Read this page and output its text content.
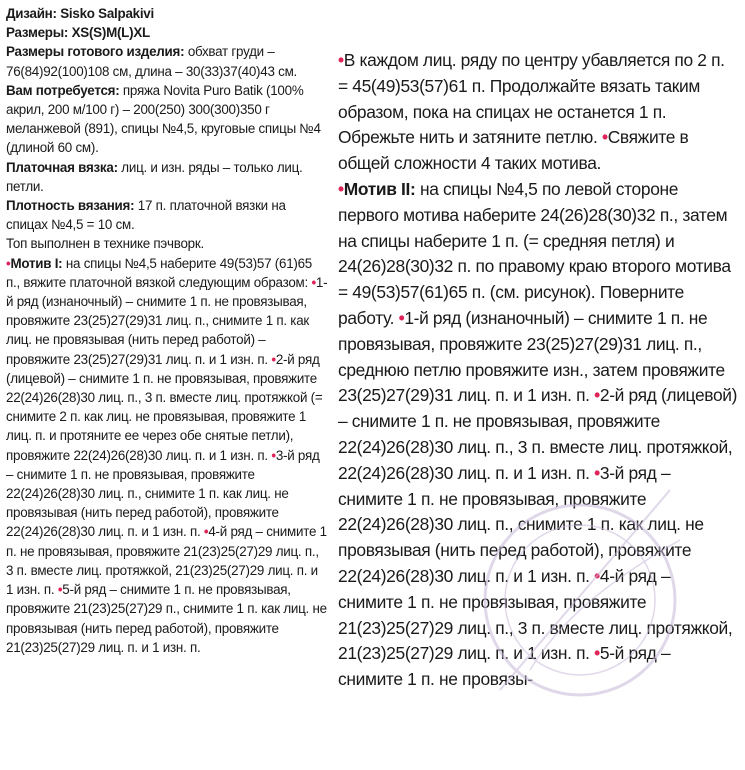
Дизайн: Sisko Salpakivi

Размеры: XS(S)M(L)XL

Размеры готового изделия: обхват груди – 76(84)92(100)108 см, длина – 30(33)37(40)43 см.

Вам потребуется: пряжа Novita Puro Batik (100% акрил, 200 м/100 г) – 200(250) 300(300)350 г меланжевой (891), спицы №4,5, круговые спицы №4 (длиной 60 см).

Платочная вязка: лиц. и изн. ряды – только лиц. петли.

Плотность вязания: 17 п. платочной вязки на спицах №4,5 = 10 см.

Топ выполнен в технике пэчворк.

•Мотив I: на спицы №4,5 наберите 49(53)57 (61)65 п., вяжите платочной вязкой следующим образом: •1-й ряд (изнаночный) – снимите 1 п. не провязывая, провяжите 23(25)27(29)31 лиц. п., снимите 1 п. как лиц. не провязывая (нить перед работой) – провяжите 23(25)27(29)31 лиц. п. и 1 изн. п. •2-й ряд (лицевой) – снимите 1 п. не провязывая, провяжите 22(24)26(28)30 лиц. п., 3 п. вместе лиц. протяжкой (= снимите 2 п. как лиц. не провязывая, провяжите 1 лиц. п. и протяните ее через обе снятые петли), провяжите 22(24)26(28)30 лиц. п. и 1 изн. п. •3-й ряд – снимите 1 п. не провязывая, провяжите 22(24)26(28)30 лиц. п., снимите 1 п. как лиц. не провязывая (нить перед работой), провяжите 22(24)26(28)30 лиц. п. и 1 изн. п. •4-й ряд – снимите 1 п. не провязывая, провяжите 21(23)25(27)29 лиц. п., 3 п. вместе лиц. протяжкой, 21(23)25(27)29 лиц. п. и 1 изн. п. •5-й ряд – снимите 1 п. не провязывая, провяжите 21(23)25(27)29 п., снимите 1 п. как лиц. не провязывая (нить перед работой), провяжите 21(23)25(27)29 лиц. п. и 1 изн. п.

•В каждом лиц. ряду по центру убавляется по 2 п. = 45(49)53(57)61 п. Продолжайте вязать таким образом, пока на спицах не останется 1 п. Обрежьте нить и затяните петлю. •Свяжите в общей сложности 4 таких мотива.

•Мотив II: на спицы №4,5 по левой стороне первого мотива наберите 24(26)28(30)32 п., затем на спицы наберите 1 п. (= средняя петля) и 24(26)28(30)32 п. по правому краю второго мотива = 49(53)57(61)65 п. (см. рисунок). Поверните работу. •1-й ряд (изнаночный) – снимите 1 п. не провязывая, провяжите 23(25)27(29)31 лиц. п., среднюю петлю провяжите изн., затем провяжите 23(25)27(29)31 лиц. п. и 1 изн. п. •2-й ряд (лицевой) – снимите 1 п. не провязывая, провяжите 22(24)26(28)30 лиц. п., 3 п. вместе лиц. протяжкой, 22(24)26(28)30 лиц. п. и 1 изн. п. •3-й ряд – снимите 1 п. не провязывая, провяжите 22(24)26(28)30 лиц. п., снимите 1 п. как лиц. не провязывая (нить перед работой), провяжите 22(24)26(28)30 лиц. п. и 1 изн. п. •4-й ряд – снимите 1 п. не провязывая, провяжите 21(23)25(27)29 лиц. п., 3 п. вместе лиц. протяжкой, 21(23)25(27)29 лиц. п. и 1 изн. п. •5-й ряд – снимите 1 п. не провязы-
